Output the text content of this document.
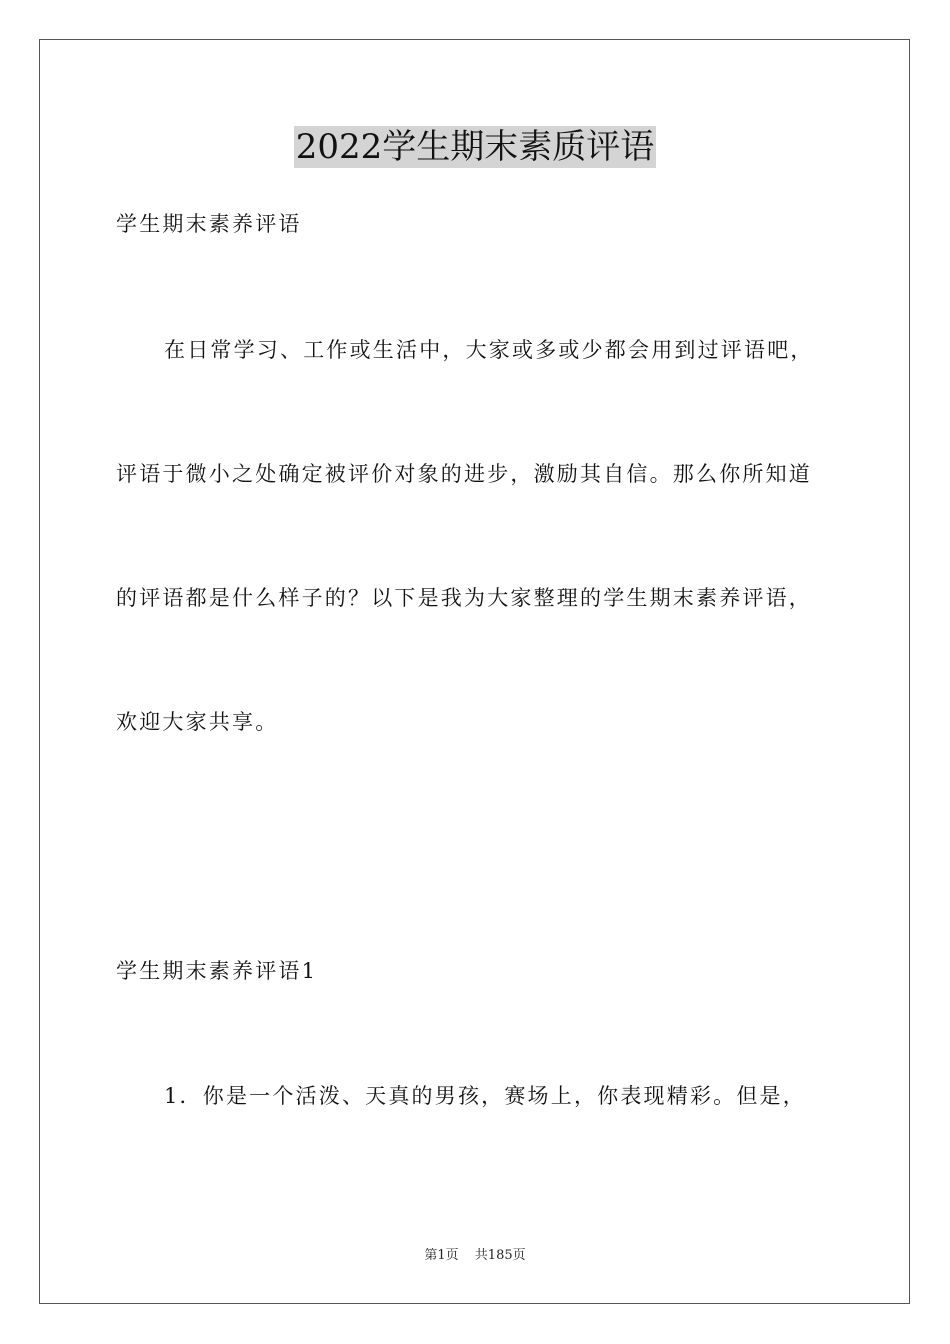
2022学生期末素质评语
学生期末素养评语
在日常学习、工作或生活中，大家或多或少都会用到过评语吧，
评语于微小之处确定被评价对象的进步，激励其自信。那么你所知道
的评语都是什么样子的？以下是我为大家整理的学生期末素养评语，
欢迎大家共享。
学生期末素养评语1
1．你是一个活泼、天真的男孩，赛场上，你表现精彩。但是，
第1页 共185页
